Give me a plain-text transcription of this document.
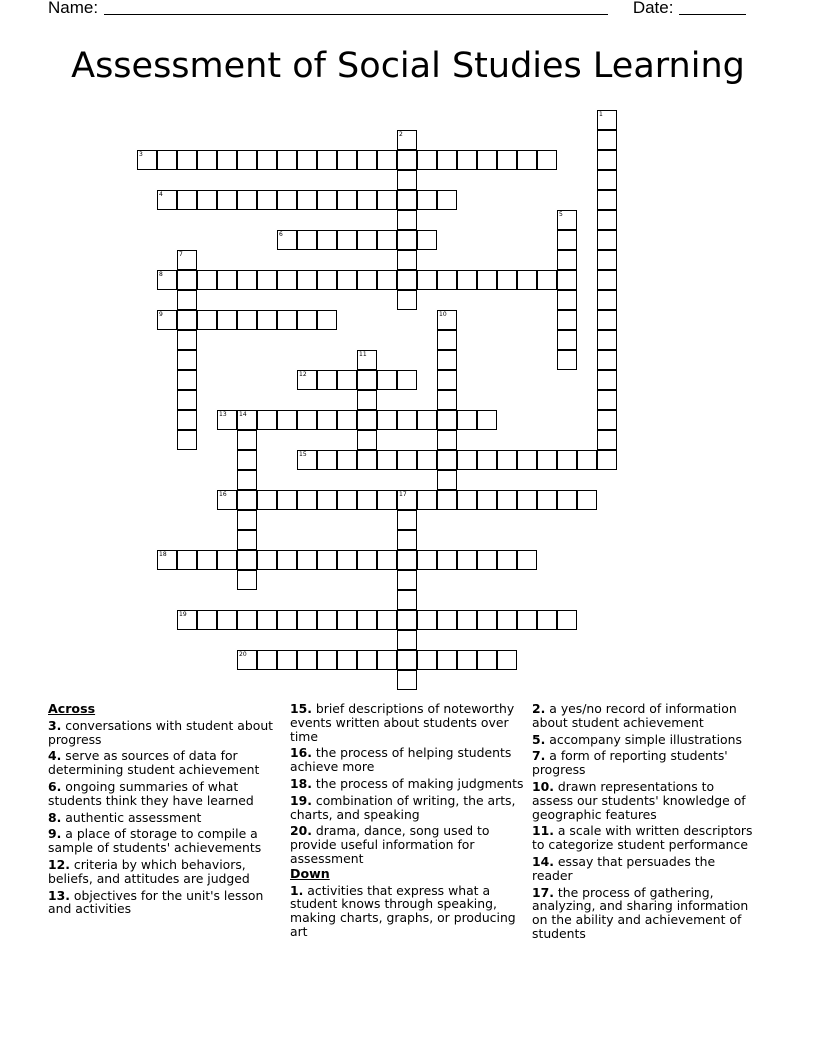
Name:	Date:
Assessment of Social Studies Learning
1
2
3
4
5
6
7
8
9	10
11
12
13 14
15
16	17
18
19
20
Across
3. conversations with student about progress
4. serve as sources of data for determining student achievement
6. ongoing summaries of what students think they have learned
8. authentic assessment
9. a place of storage to compile a sample of students' achievements
12. criteria by which behaviors, beliefs, and attitudes are judged
13. objectives for the unit's lesson and activities
15. brief descriptions of noteworthy events written about students over time
16. the process of helping students achieve more
18. the process of making judgments
19. combination of writing, the arts, charts, and speaking
20. drama, dance, song used to provide useful information for assessment
Down
1. activities that express what a student knows through speaking, making charts, graphs, or producing art
2. a yes/no record of information about student achievement
5. accompany simple illustrations
7. a form of reporting students' progress
10. drawn representations to assess our students' knowledge of geographic features
11. a scale with written descriptors to categorize student performance
14. essay that persuades the reader
17. the process of gathering, analyzing, and sharing information on the ability and achievement of students
